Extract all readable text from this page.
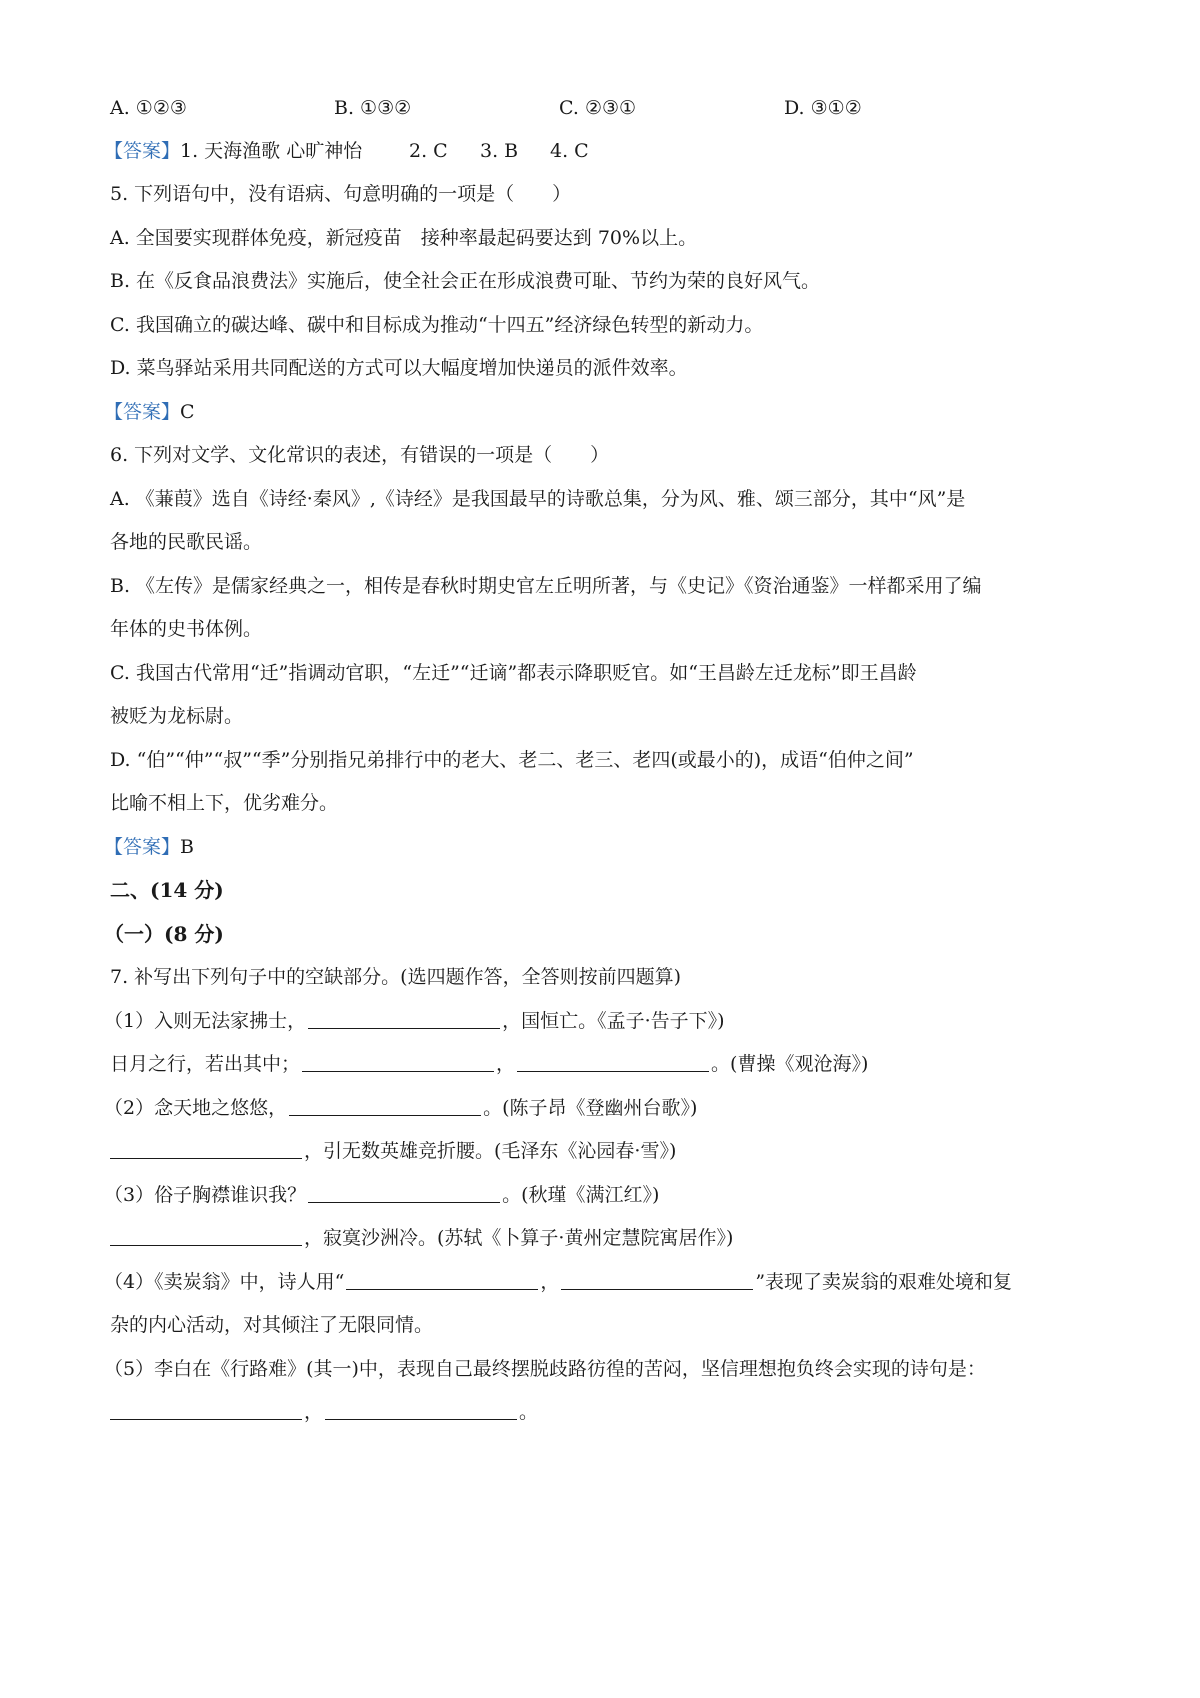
A. ①②③	B. ①③②	C. ②③①	D. ③①②
【答案】1. 天海渔歌 心旷神怡 2. C 3. B 4. C
5. 下列语句中，没有语病、句意明确的一项是（　　）
A. 全国要实现群体免疫，新冠疫苗　接种率最起码要达到 70%以上。
B. 在《反食品浪费法》实施后，使全社会正在形成浪费可耻、节约为荣的良好风气。
C. 我国确立的碳达峰、碳中和目标成为推动“十四五”经济绿色转型的新动力。
D. 菜鸟驿站采用共同配送的方式可以大幅度增加快递员的派件效率。
【答案】C
6. 下列对文学、文化常识的表述，有错误的一项是（　　）
A. 《蒹葭》选自《诗经·秦风》,《诗经》是我国最早的诗歌总集，分为风、雅、颂三部分，其中“风”是
各地的民歌民谣。
B. 《左传》是儒家经典之一，相传是春秋时期史官左丘明所著，与《史记》《资治通鉴》一样都采用了编
年体的史书体例。
C. 我国古代常用“迁”指调动官职，“左迁”“迁谪”都表示降职贬官。如“王昌龄左迁龙标”即王昌龄
被贬为龙标尉。
D. “伯”“仲”“叔”“季”分别指兄弟排行中的老大、老二、老三、老四(或最小的)，成语“伯仲之间”
比喻不相上下，优劣难分。
【答案】B
二、(14 分)
（一）(8 分)
7. 补写出下列句子中的空缺部分。(选四题作答，全答则按前四题算)
（1）入则无法家拂士，	，国恒亡。《孟子·告子下》)
日月之行，若出其中；	，	。(曹操《观沧海》)
（2）念天地之悠悠，	。(陈子昂《登幽州台歌》)
，引无数英雄竞折腰。(毛泽东《沁园春·雪》)
（3）俗子胸襟谁识我？	。(秋瑾《满江红》)
，寂寞沙洲冷。(苏轼《卜算子·黄州定慧院寓居作》)
（4）《卖炭翁》中，诗人用“	，	”表现了卖炭翁的艰难处境和复
杂的内心活动，对其倾注了无限同情。
（5）李白在《行路难》(其一)中，表现自己最终摆脱歧路彷徨的苦闷，坚信理想抱负终会实现的诗句是：
，	。
